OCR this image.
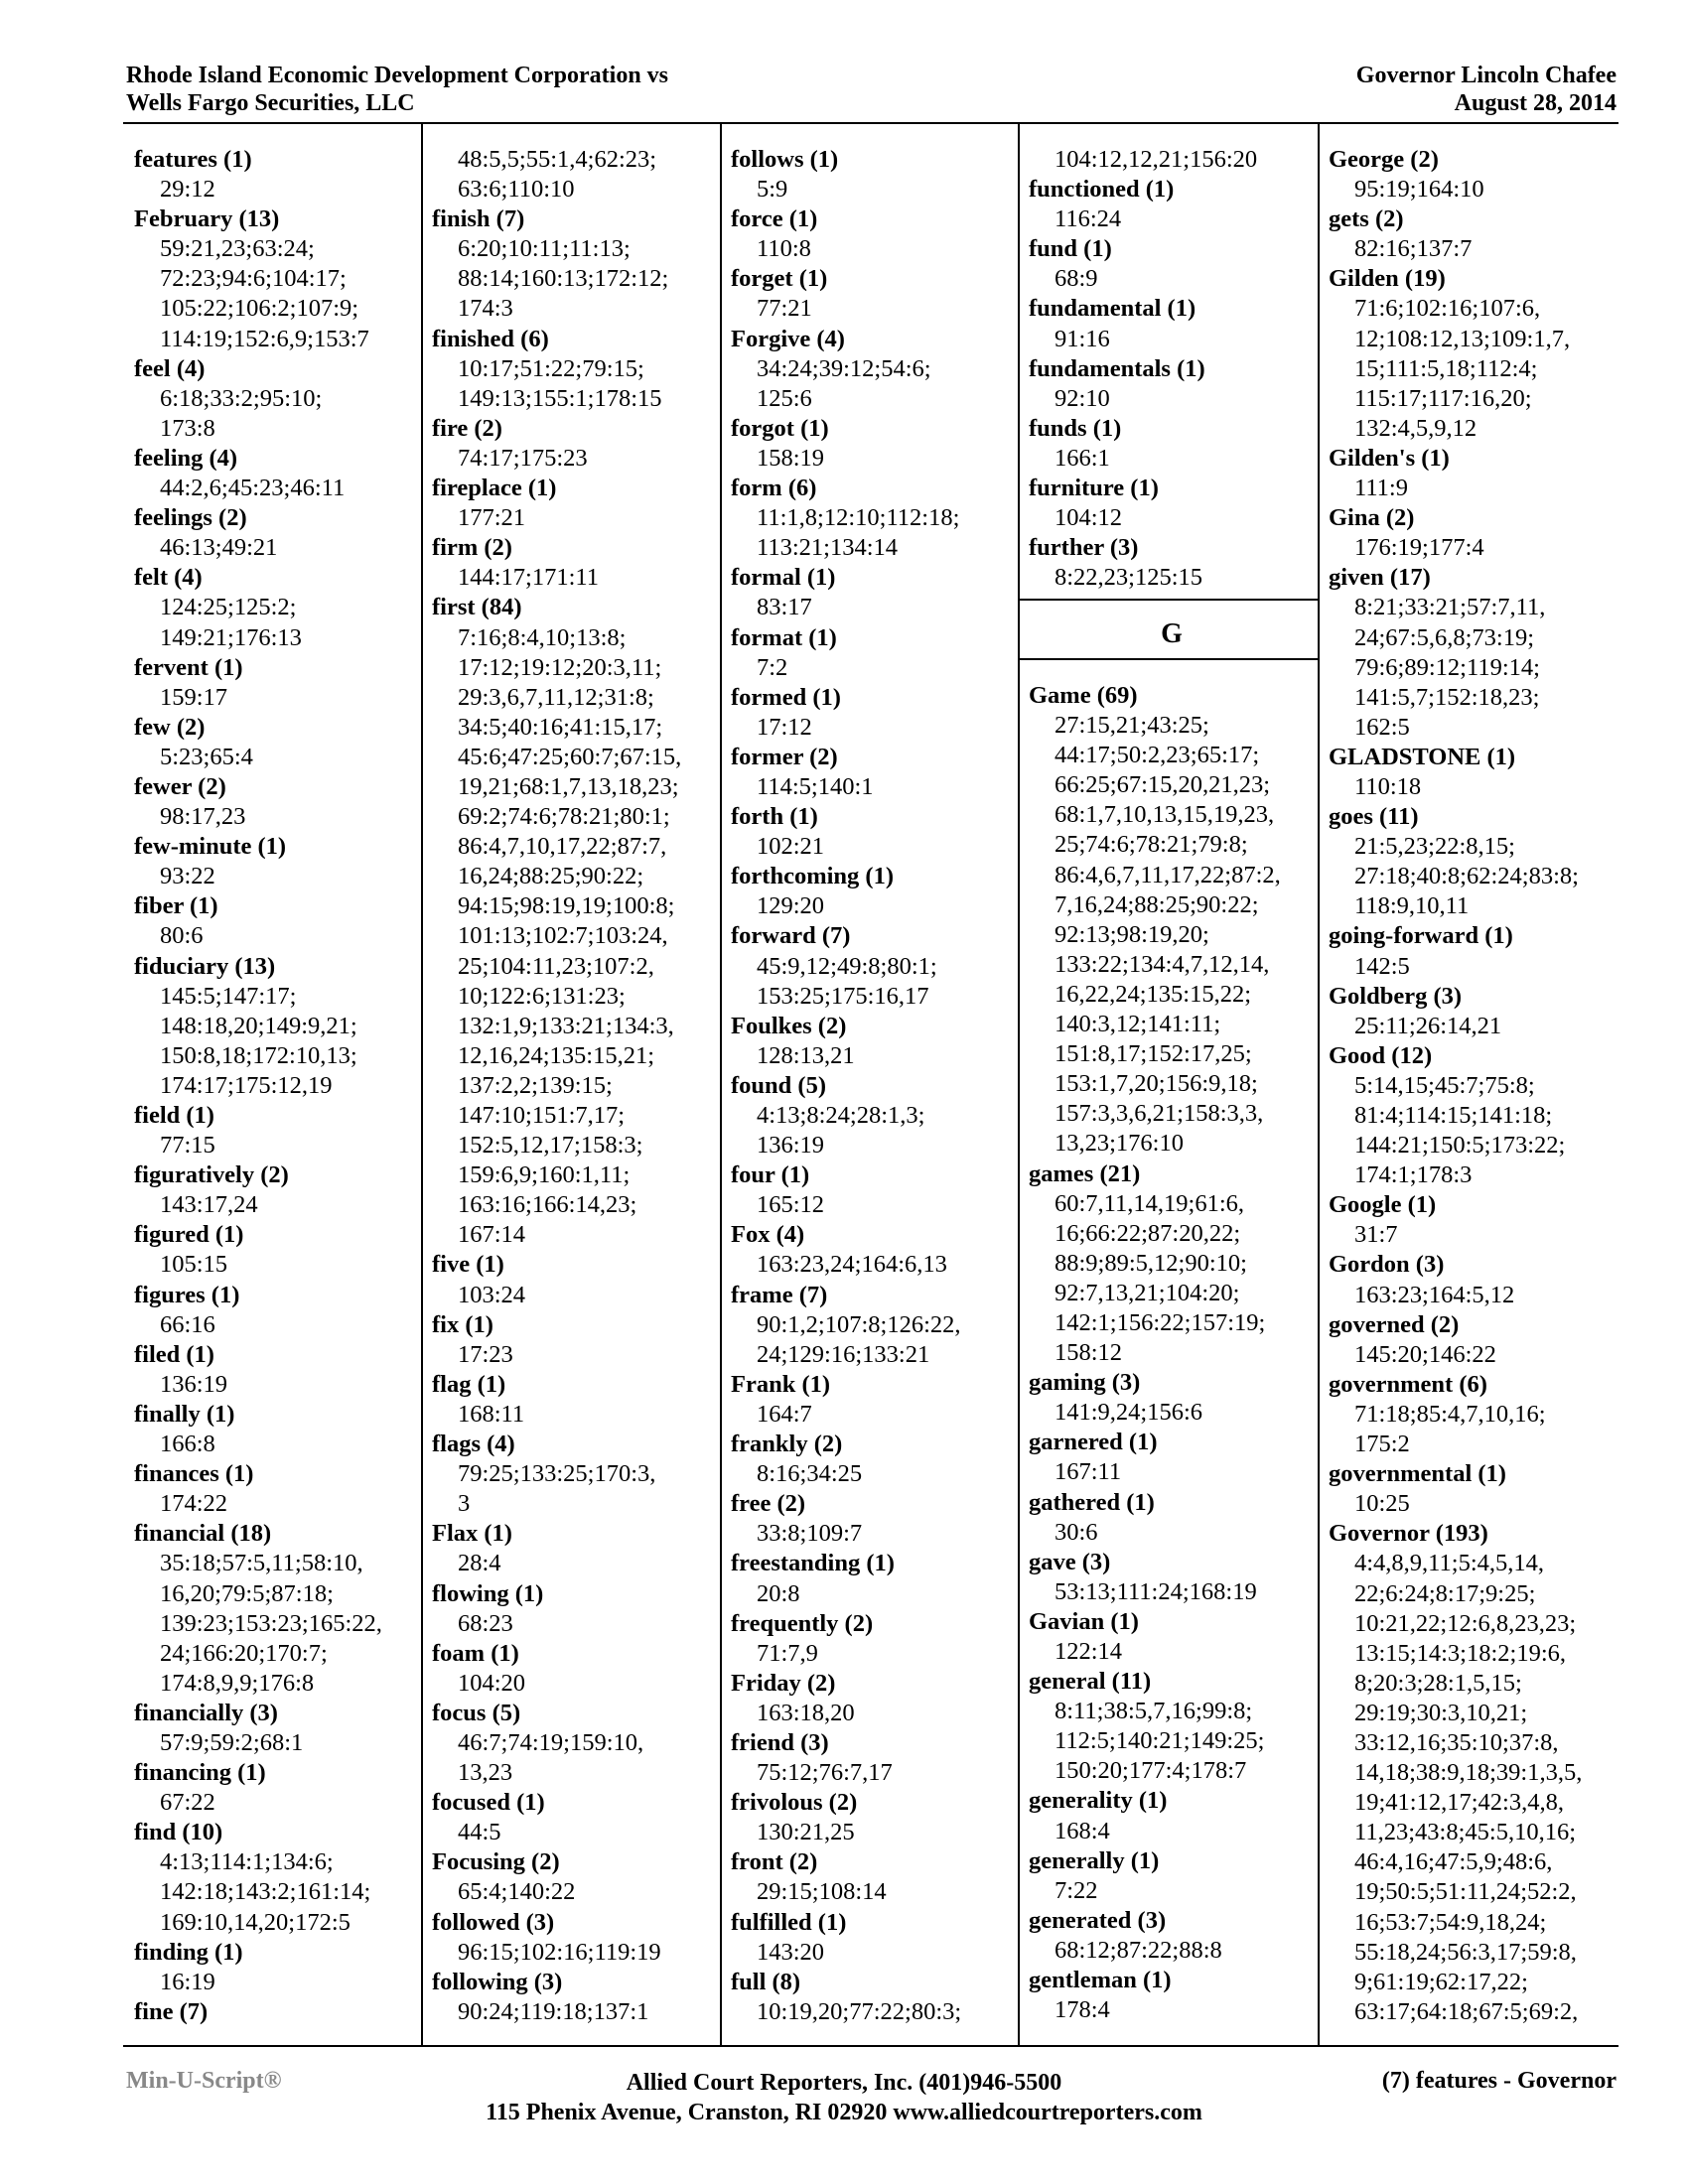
Rhode Island Economic Development Corporation vs
Wells Fargo Securities, LLC
Governor Lincoln Chafee
August 28, 2014
features (1)
29:12
February (13)
59:21,23;63:24;
72:23;94:6;104:17;
105:22;106:2;107:9;
114:19;152:6,9;153:7
feel (4)
6:18;33:2;95:10;
173:8
feeling (4)
44:2,6;45:23;46:11
feelings (2)
46:13;49:21
felt (4)
124:25;125:2;
149:21;176:13
fervent (1)
159:17
few (2)
5:23;65:4
fewer (2)
98:17,23
few-minute (1)
93:22
fiber (1)
80:6
fiduciary (13)
145:5;147:17;
148:18,20;149:9,21;
150:8,18;172:10,13;
174:17;175:12,19
field (1)
77:15
figuratively (2)
143:17,24
figured (1)
105:15
figures (1)
66:16
filed (1)
136:19
finally (1)
166:8
finances (1)
174:22
financial (18)
35:18;57:5,11;58:10,
16,20;79:5;87:18;
139:23;153:23;165:22,
24;166:20;170:7;
174:8,9,9;176:8
financially (3)
57:9;59:2;68:1
financing (1)
67:22
find (10)
4:13;114:1;134:6;
142:18;143:2;161:14;
169:10,14,20;172:5
finding (1)
16:19
fine (7)
48:5,5;55:1,4;62:23;
63:6;110:10
finish (7)
6:20;10:11;11:13;
88:14;160:13;172:12;
174:3
finished (6)
10:17;51:22;79:15;
149:13;155:1;178:15
fire (2)
74:17;175:23
fireplace (1)
177:21
firm (2)
144:17;171:11
first (84)
7:16;8:4,10;13:8;
17:12;19:12;20:3,11;
29:3,6,7,11,12;31:8;
34:5;40:16;41:15,17;
45:6;47:25;60:7;67:15,
19,21;68:1,7,13,18,23;
69:2;74:6;78:21;80:1;
86:4,7,10,17,22;87:7,
16,24;88:25;90:22;
94:15;98:19,19;100:8;
101:13;102:7;103:24,
25;104:11,23;107:2,
10;122:6;131:23;
132:1,9;133:21;134:3,
12,16,24;135:15,21;
137:2,2;139:15;
147:10;151:7,17;
152:5,12,17;158:3;
159:6,9;160:1,11;
163:16;166:14,23;
167:14
five (1)
103:24
fix (1)
17:23
flag (1)
168:11
flags (4)
79:25;133:25;170:3,
3
Flax (1)
28:4
flowing (1)
68:23
foam (1)
104:20
focus (5)
46:7;74:19;159:10,
13,23
focused (1)
44:5
Focusing (2)
65:4;140:22
followed (3)
96:15;102:16;119:19
following (3)
90:24;119:18;137:1
follows (1)
5:9
force (1)
110:8
forget (1)
77:21
Forgive (4)
34:24;39:12;54:6;
125:6
forgot (1)
158:19
form (6)
11:1,8;12:10;112:18;
113:21;134:14
formal (1)
83:17
format (1)
7:2
formed (1)
17:12
former (2)
114:5;140:1
forth (1)
102:21
forthcoming (1)
129:20
forward (7)
45:9,12;49:8;80:1;
153:25;175:16,17
Foulkes (2)
128:13,21
found (5)
4:13;8:24;28:1,3;
136:19
four (1)
165:12
Fox (4)
163:23,24;164:6,13
frame (7)
90:1,2;107:8;126:22,
24;129:16;133:21
Frank (1)
164:7
frankly (2)
8:16;34:25
free (2)
33:8;109:7
freestanding (1)
20:8
frequently (2)
71:7,9
Friday (2)
163:18,20
friend (3)
75:12;76:7,17
frivolous (2)
130:21,25
front (2)
29:15;108:14
fulfilled (1)
143:20
full (8)
10:19,20;77:22;80:3;
104:12,12,21;156:20
functioned (1)
116:24
fund (1)
68:9
fundamental (1)
91:16
fundamentals (1)
92:10
funds (1)
166:1
furniture (1)
104:12
further (3)
8:22,23;125:15
G
Game (69)
27:15,21;43:25;
44:17;50:2,23;65:17;
66:25;67:15,20,21,23;
68:1,7,10,13,15,19,23,
25;74:6;78:21;79:8;
86:4,6,7,11,17,22;87:2,
7,16,24;88:25;90:22;
92:13;98:19,20;
133:22;134:4,7,12,14,
16,22,24;135:15,22;
140:3,12;141:11;
151:8,17;152:17,25;
153:1,7,20;156:9,18;
157:3,3,6,21;158:3,3,
13,23;176:10
games (21)
60:7,11,14,19;61:6,
16;66:22;87:20,22;
88:9;89:5,12;90:10;
92:7,13,21;104:20;
142:1;156:22;157:19;
158:12
gaming (3)
141:9,24;156:6
garnered (1)
167:11
gathered (1)
30:6
gave (3)
53:13;111:24;168:19
Gavian (1)
122:14
general (11)
8:11;38:5,7,16;99:8;
112:5;140:21;149:25;
150:20;177:4;178:7
generality (1)
168:4
generally (1)
7:22
generated (3)
68:12;87:22;88:8
gentleman (1)
178:4
George (2)
95:19;164:10
gets (2)
82:16;137:7
Gilden (19)
71:6;102:16;107:6,
12;108:12,13;109:1,7,
15;111:5,18;112:4;
115:17;117:16,20;
132:4,5,9,12
Gilden's (1)
111:9
Gina (2)
176:19;177:4
given (17)
8:21;33:21;57:7,11,
24;67:5,6,8;73:19;
79:6;89:12;119:14;
141:5,7;152:18,23;
162:5
GLADSTONE (1)
110:18
goes (11)
21:5,23;22:8,15;
27:18;40:8;62:24;83:8;
118:9,10,11
going-forward (1)
142:5
Goldberg (3)
25:11;26:14,21
Good (12)
5:14,15;45:7;75:8;
81:4;114:15;141:18;
144:21;150:5;173:22;
174:1;178:3
Google (1)
31:7
Gordon (3)
163:23;164:5,12
governed (2)
145:20;146:22
government (6)
71:18;85:4,7,10,16;
175:2
governmental (1)
10:25
Governor (193)
4:4,8,9,11;5:4,5,14,
22;6:24;8:17;9:25;
10:21,22;12:6,8,23,23;
13:15;14:3;18:2;19:6,
8;20:3;28:1,5,15;
29:19;30:3,10,21;
33:12,16;35:10;37:8,
14,18;38:9,18;39:1,3,5,
19;41:12,17;42:3,4,8,
11,23;43:8;45:5,10,16;
46:4,16;47:5,9;48:6,
19;50:5;51:11,24;52:2,
16;53:7;54:9,18,24;
55:18,24;56:3,17;59:8,
9;61:19;62:17,22;
63:17;64:18;67:5;69:2,
Min-U-Script®	Allied Court Reporters, Inc. (401)946-5500
115 Phenix Avenue, Cranston, RI 02920 www.alliedcourtreporters.com
(7) features - Governor
